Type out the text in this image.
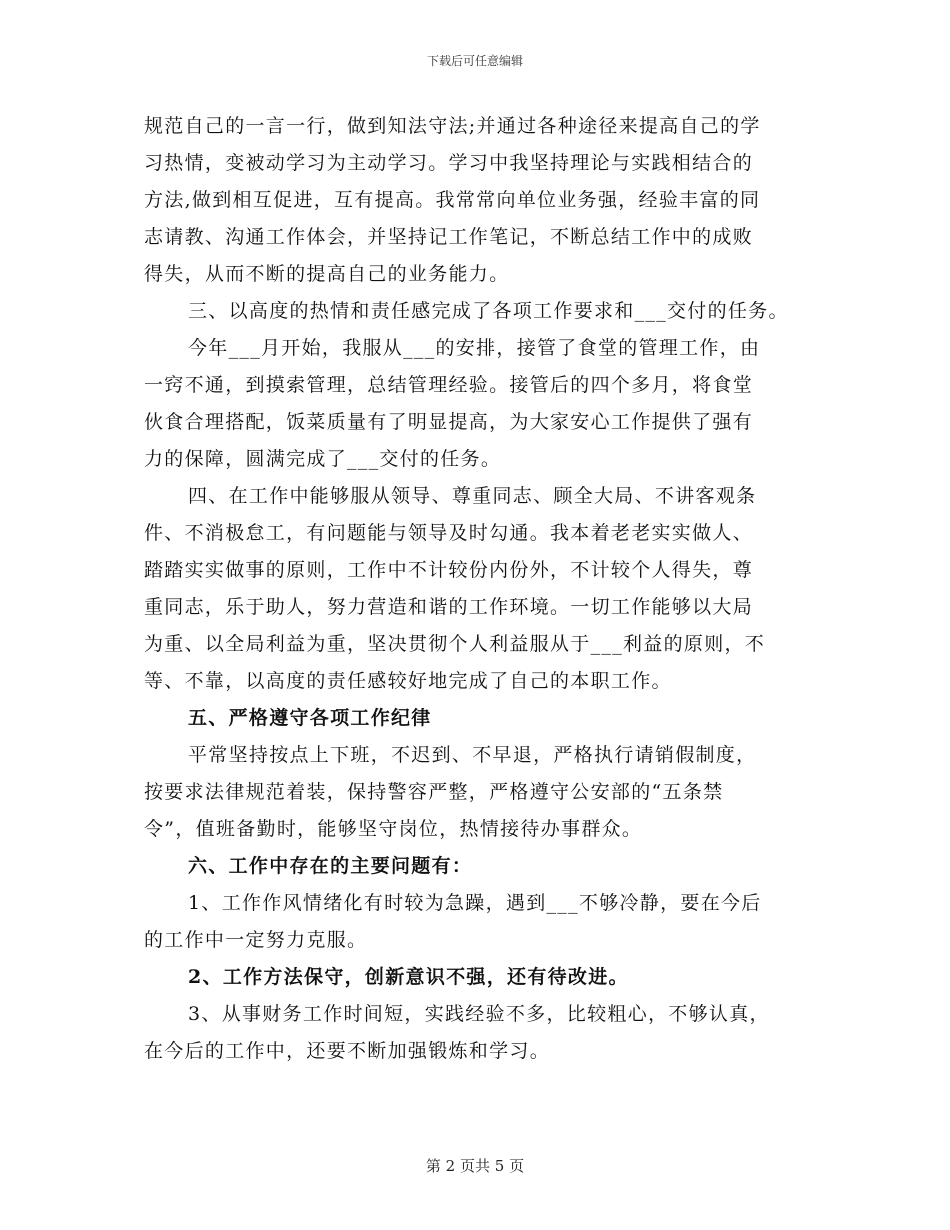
下载后可任意编辑
规范自己的一言一行，做到知法守法;并通过各种途径来提高自己的学
习热情，变被动学习为主动学习。学习中我坚持理论与实践相结合的
方法,做到相互促进，互有提高。我常常向单位业务强，经验丰富的同
志请教、沟通工作体会，并坚持记工作笔记，不断总结工作中的成败
得失，从而不断的提高自己的业务能力。
三、以高度的热情和责任感完成了各项工作要求和___交付的任务。
今年___月开始，我服从___的安排，接管了食堂的管理工作，由
一窍不通，到摸索管理，总结管理经验。接管后的四个多月，将食堂
伙食合理搭配，饭菜质量有了明显提高，为大家安心工作提供了强有
力的保障，圆满完成了___交付的任务。
四、在工作中能够服从领导、尊重同志、顾全大局、不讲客观条
件、不消极怠工，有问题能与领导及时勾通。我本着老老实实做人、
踏踏实实做事的原则，工作中不计较份内份外，不计较个人得失，尊
重同志，乐于助人，努力营造和谐的工作环境。一切工作能够以大局
为重、以全局利益为重，坚决贯彻个人利益服从于___利益的原则，不
等、不靠，以高度的责任感较好地完成了自己的本职工作。
五、严格遵守各项工作纪律
平常坚持按点上下班，不迟到、不早退，严格执行请销假制度，
按要求法律规范着装，保持警容严整，严格遵守公安部的“五条禁
令”，值班备勤时，能够坚守岗位，热情接待办事群众。
六、工作中存在的主要问题有：
1、工作作风情绪化有时较为急躁，遇到___不够冷静，要在今后
的工作中一定努力克服。
2、工作方法保守，创新意识不强，还有待改进。
3、从事财务工作时间短，实践经验不多，比较粗心，不够认真，
在今后的工作中，还要不断加强锻炼和学习。
第 2 页共 5 页
